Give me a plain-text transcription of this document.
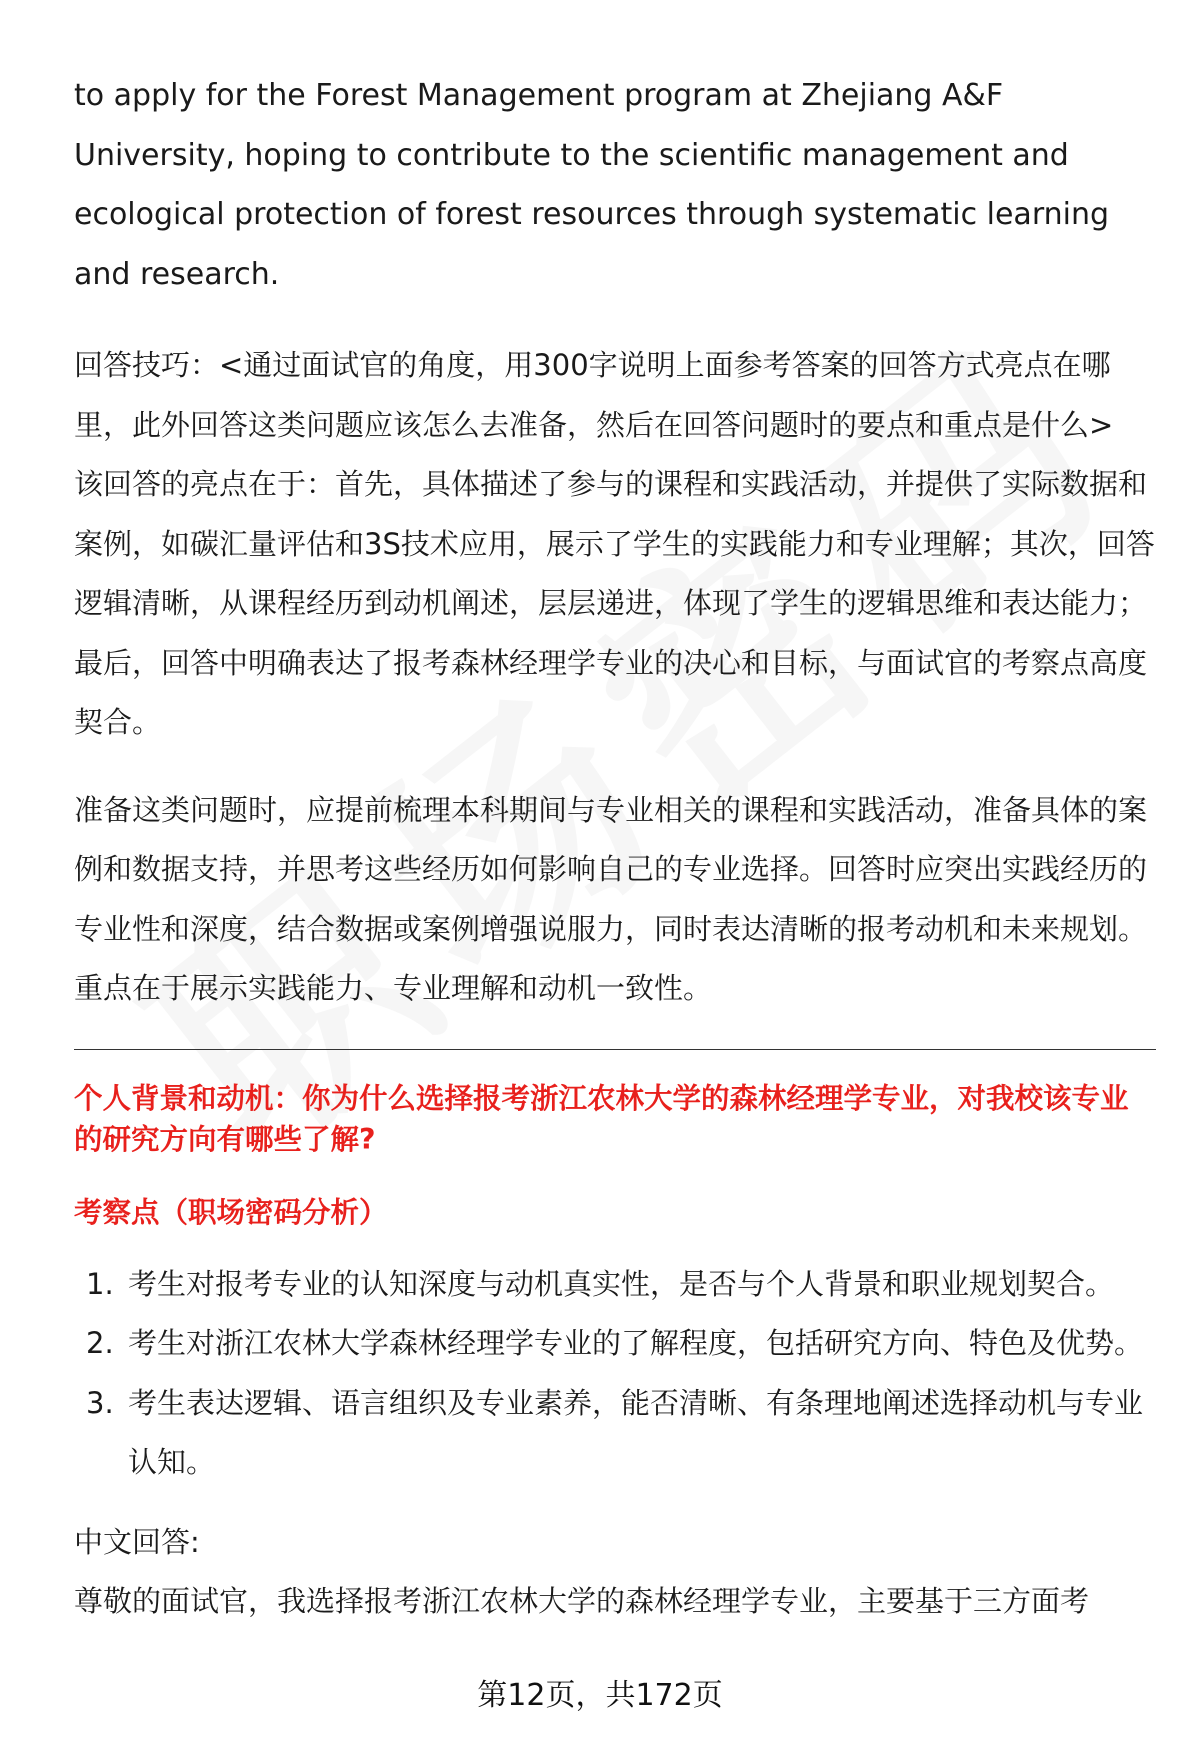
to apply for the Forest Management program at Zhejiang A&F University, hoping to contribute to the scientific management and ecological protection of forest resources through systematic learning and research.

回答技巧：<通过面试官的角度，用300字说明上面参考答案的回答方式亮点在哪里，此外回答这类问题应该怎么去准备，然后在回答问题时的要点和重点是什么>

该回答的亮点在于：首先，具体描述了参与的课程和实践活动，并提供了实际数据和案例，如碳汇量评估和3S技术应用，展示了学生的实践能力和专业理解；其次，回答逻辑清晰，从课程经历到动机阐述，层层递进，体现了学生的逻辑思维和表达能力；最后，回答中明确表达了报考森林经理学专业的决心和目标，与面试官的考察点高度契合。

准备这类问题时，应提前梳理本科期间与专业相关的课程和实践活动，准备具体的案例和数据支持，并思考这些经历如何影响自己的专业选择。回答时应突出实践经历的专业性和深度，结合数据或案例增强说服力，同时表达清晰的报考动机和未来规划。重点在于展示实践能力、专业理解和动机一致性。

个人背景和动机：你为什么选择报考浙江农林大学的森林经理学专业，对我校该专业的研究方向有哪些了解?

考察点（职场密码分析）

1. 考生对报考专业的认知深度与动机真实性，是否与个人背景和职业规划契合。
2. 考生对浙江农林大学森林经理学专业的了解程度，包括研究方向、特色及优势。
3. 考生表达逻辑、语言组织及专业素养，能否清晰、有条理地阐述选择动机与专业认知。

中文回答:

尊敬的面试官，我选择报考浙江农林大学的森林经理学专业，主要基于三方面考

第12页，共172页
